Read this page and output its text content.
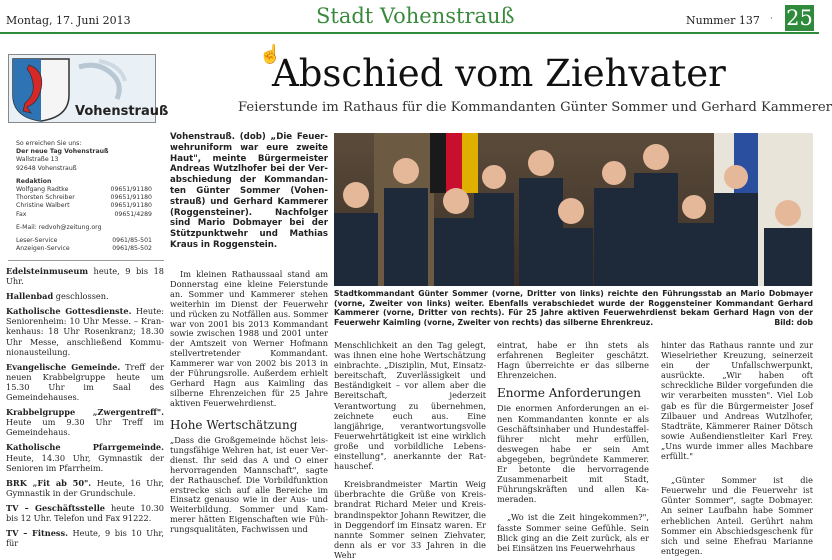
Montag, 17. Juni 2013	Stadt Vohenstrauß	Nummer 137 · 25
Vohenstrauß
☝
Abschied vom Ziehvater
Feierstunde im Rathaus für die Kommandanten Günter Sommer und Gerhard Kammerer
So erreichen Sie uns:
Der neue Tag Vohenstrauß
Wallstraße 13
92648 Vohenstrauß
Redaktion
Wolfgang Radtke	09651/91180
Thorsten Schreiber	09651/91180
Christine Walbert	09651/91180
Fax	09651/4289
E-Mail: redvoh@zeitung.org
Leser-Service	0961/85-501
Anzeigen-Service	0961/85-502

Edelsteinmuseum heute, 9 bis 18 Uhr.

Hallenbad geschlossen.

Katholische Gottesdienste. Heute: Seniorenheim: 10 Uhr Messe. – Krankenhaus: 18 Uhr Rosenkranz; 18.30 Uhr Messe, anschließend Kommunionausteilung.

Evangelische Gemeinde. Treff der neuen Krabbelgruppe heute um 15.30 Uhr im Saal des Gemeindehauses.

Krabbelgruppe „Zwergentreff". Heute um 9.30 Uhr Treff im Gemeindehaus.

Katholische Pfarrgemeinde. Heute, 14.30 Uhr, Gymnastik der Senioren im Pfarrheim.

BRK „Fit ab 50". Heute, 16 Uhr, Gymnastik in der Grundschule.

TV – Geschäftsstelle heute 10.30 bis 12 Uhr. Telefon und Fax 91222.

TV – Fitness. Heute, 9 bis 10 Uhr, für

Vohenstrauß. (dob) „Die Feuerwehruniform war eure zweite Haut", meinte Bürgermeister Andreas Wutzlhofer bei der Verabschiedung der Kommandanten Günter Sommer (Vohenstrauß) und Gerhard Kammerer (Roggensteiner). Nachfolger sind Mario Dobmayer bei der Stützpunktwehr und Mathias Kraus in Roggenstein.

Im kleinen Rathaussaal stand am Donnerstag eine kleine Feierstunde an. Sommer und Kammerer stehen weiterhin im Dienst der Feuerwehr und rücken zu Notfällen aus. Sommer war von 2001 bis 2013 Kommandant sowie zwischen 1988 und 2001 unter der Amtszeit von Werner Hofmann stellvertretender Kommandant. Kammerer war von 2002 bis 2013 in der Führungsrolle. Außerdem erhielt Gerhard Hagn aus Kaimling das silberne Ehrenzeichen für 25 Jahre aktiven Feuerwehrdienst.

Hohe Wertschätzung

„Dass die Großgemeinde höchst leistungsfähige Wehren hat, ist euer Verdienst. Ihr seid das A und O einer hervorragenden Mannschaft", sagte der Rathauschef. Die Vorbildfunktion erstrecke sich auf alle Bereiche im Einsatz genauso wie in der Aus- und Weiterbildung. Sommer und Kammerer hätten Eigenschaften wie Führungsqualitäten, Fachwissen und

Stadtkommandant Günter Sommer (vorne, Dritter von links) reichte den Führungsstab an Mario Dobmayer (vorne, Zweiter von links) weiter. Ebenfalls verabschiedet wurde der Roggensteiner Kommandant Gerhard Kammerer (vorne, Dritter von rechts). Für 25 Jahre aktiven Feuerwehrdienst bekam Gerhard Hagn von der Feuerwehr Kaimling (vorne, Zweiter von rechts) das silberne Ehrenkreuz.	Bild: dob

Menschlichkeit an den Tag gelegt, was ihnen eine hohe Wertschätzung einbrachte. „Disziplin, Mut, Einsatzbereitschaft, Zuverlässigkeit und Beständigkeit – vor allem aber die Bereitschaft, jederzeit Verantwortung zu übernehmen, zeichnete euch aus. Eine langjährige, verantwortungsvolle Feuerwehrtätigkeit ist eine wirklich große und vorbildliche Lebenseinstellung", anerkannte der Rathauschef.

Kreisbrandmeister Martin Weig überbrachte die Grüße von Kreisbrandrat Richard Meier und Kreisbrandinspektor Johann Rewitzer, die in Deggendorf im Einsatz waren. Er nannte Sommer seinen Ziehvater, denn als er vor 33 Jahren in die Wehr

eintrat, habe er ihn stets als erfahrenen Begleiter geschätzt. Hagn überreichte er das silberne Ehrenzeichen.

Enorme Anforderungen

Die enormen Anforderungen an einen Kommandanten konnte er als Geschäftsinhaber und Hundestaffelführer nicht mehr erfüllen, deswegen habe er sein Amt abgegeben, begründete Kammerer. Er betonte die hervorragende Zusammenarbeit mit Stadt, Führungskräften und allen Kameraden.

„Wo ist die Zeit hingekommen?", fasste Sommer seine Gefühle. Sein Blick ging an die Zeit zurück, als er bei Einsätzen ins Feuerwehrhaus

hinter das Rathaus rannte und zur Wieselriether Kreuzung, seinerzeit ein der Unfallschwerpunkt, ausrückte. „Wir haben oft schreckliche Bilder vorgefunden die wir verarbeiten mussten". Viel Lob gab es für die Bürgermeister Josef Zilbauer und Andreas Wutzlhofer, Stadträte, Kämmerer Rainer Dötsch sowie Außendienstleiter Karl Frey. „Uns wurde immer alles Machbare erfüllt."

„Günter Sommer ist die Feuerwehr und die Feuerwehr ist Günter Sommer", sagte Dobmayer. An seiner Laufbahn habe Sommer erheblichen Anteil. Gerührt nahm Sommer ein Abschiedsgeschenk für sich und seine Ehefrau Marianne entgegen.
